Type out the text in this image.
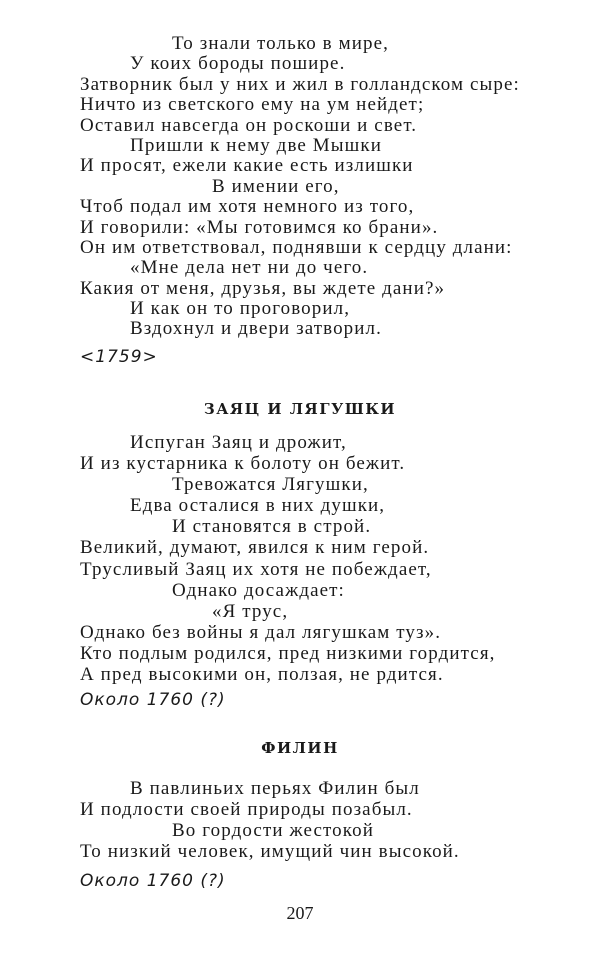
То знали только в мире,
У коих бороды пошире.
Затворник был у них и жил в голландском сыре:
Ничто из светского ему на ум нейдет;
Оставил навсегда он роскоши и свет.
Пришли к нему две Мышки
И просят, ежели какие есть излишки
В имении его,
Чтоб подал им хотя немного из того,
И говорили: «Мы готовимся ко брани».
Он им ответствовал, поднявши к сердцу длани:
«Мне дела нет ни до чего.
Какия от меня, друзья, вы ждете дани?»
И как он то проговорил,
Вздохнул и двери затворил.
<1759>
ЗАЯЦ И ЛЯГУШКИ
Испуган Заяц и дрожит,
И из кустарника к болоту он бежит.
Тревожатся Лягушки,
Едва осталися в них душки,
И становятся в строй.
Великий, думают, явился к ним герой.
Трусливый Заяц их хотя не побеждает,
Однако досаждает:
«Я трус,
Однако без войны я дал лягушкам туз».
Кто подлым родился, пред низкими гордится,
А пред высокими он, ползая, не рдится.
Около 1760 (?)
ФИЛИН
В павлиньих перьях Филин был
И подлости своей природы позабыл.
Во гордости жестокой
То низкий человек, имущий чин высокой.
Около 1760 (?)
207
